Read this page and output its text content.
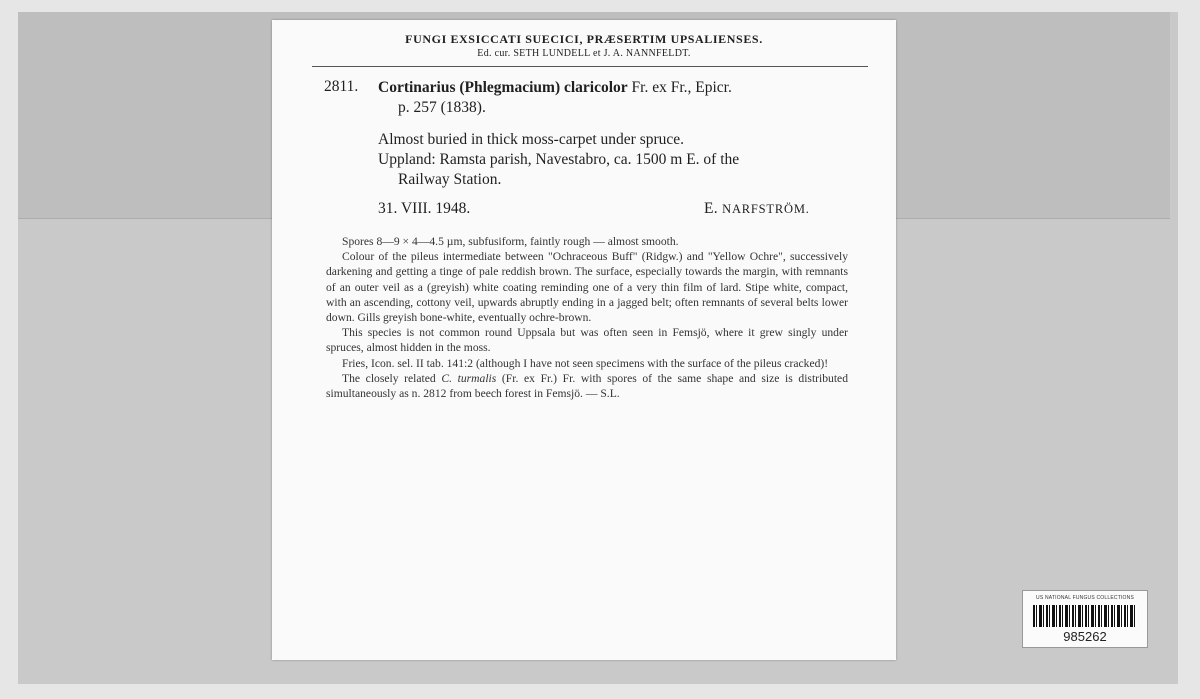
FUNGI EXSICCATI SUECICI, PRÆSERTIM UPSALIENSES.
Ed. cur. SETH LUNDELL et J. A. NANNFELDT.
2811. Cortinarius (Phlegmacium) claricolor Fr. ex Fr., Epicr.
p. 257 (1838).

Almost buried in thick moss-carpet under spruce.

Uppland: Ramsta parish, Navestabro, ca. 1500 m E. of the
Railway Station.

31. VIII. 1948.	E. NARFSTRÖM.

Spores 8—9 × 4—4.5 µm, subfusiform, faintly rough — almost smooth.

Colour of the pileus intermediate between "Ochraceous Buff" (Ridgw.) and "Yellow Ochre", successively darkening and getting a tinge of pale reddish brown. The surface, especially towards the margin, with remnants of an outer veil as a (greyish) white coating reminding one of a very thin film of lard. Stipe white, compact, with an ascending, cottony veil, upwards abruptly ending in a jagged belt; often remnants of several belts lower down. Gills greyish bone-white, eventually ochre-brown.

This species is not common round Uppsala but was often seen in Femsjö, where it grew singly under spruces, almost hidden in the moss.

Fries, Icon. sel. II tab. 141:2 (although I have not seen specimens with the surface of the pileus cracked)!

The closely related C. turmalis (Fr. ex Fr.) Fr. with spores of the same shape and size is distributed simultaneously as n. 2812 from beech forest in Femsjö. — S.L.

US NATIONAL FUNGUS COLLECTIONS
985262
